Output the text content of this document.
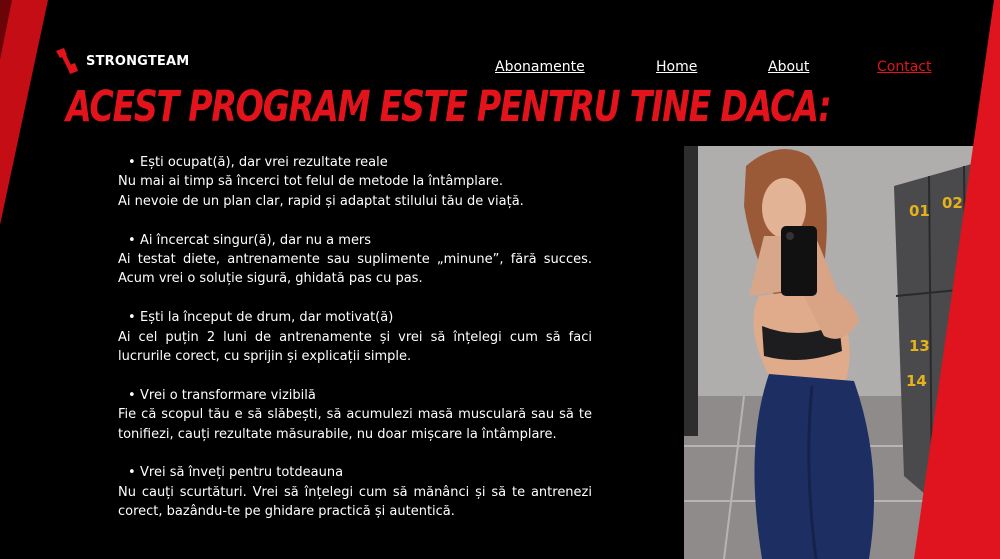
STRONGTEAM	Abonamente	Home	About	Contact
ACEST PROGRAM ESTE PENTRU TINE DACA:
• Ești ocupat(ă), dar vrei rezultate reale
Nu mai ai timp să încerci tot felul de metode la întâmplare.
Ai nevoie de un plan clar, rapid și adaptat stilului tău de viață.
• Ai încercat singur(ă), dar nu a mers
Ai testat diete, antrenamente sau suplimente „minune”, fără succes. Acum vrei o soluție sigură, ghidată pas cu pas.
• Ești la început de drum, dar motivat(ă)
Ai cel puțin 2 luni de antrenamente și vrei să înțelegi cum să faci lucrurile corect, cu sprijin și explicații simple.
• Vrei o transformare vizibilă
Fie că scopul tău e să slăbești, să acumulezi masă musculară sau să te tonifiezi, cauți rezultate măsurabile, nu doar mișcare la întâmplare.
• Vrei să înveți pentru totdeauna
Nu cauți scurtături. Vrei să înțelegi cum să mănânci și să te antrenezi corect, bazându-te pe ghidare practică și autentică.
01 02
13
14
